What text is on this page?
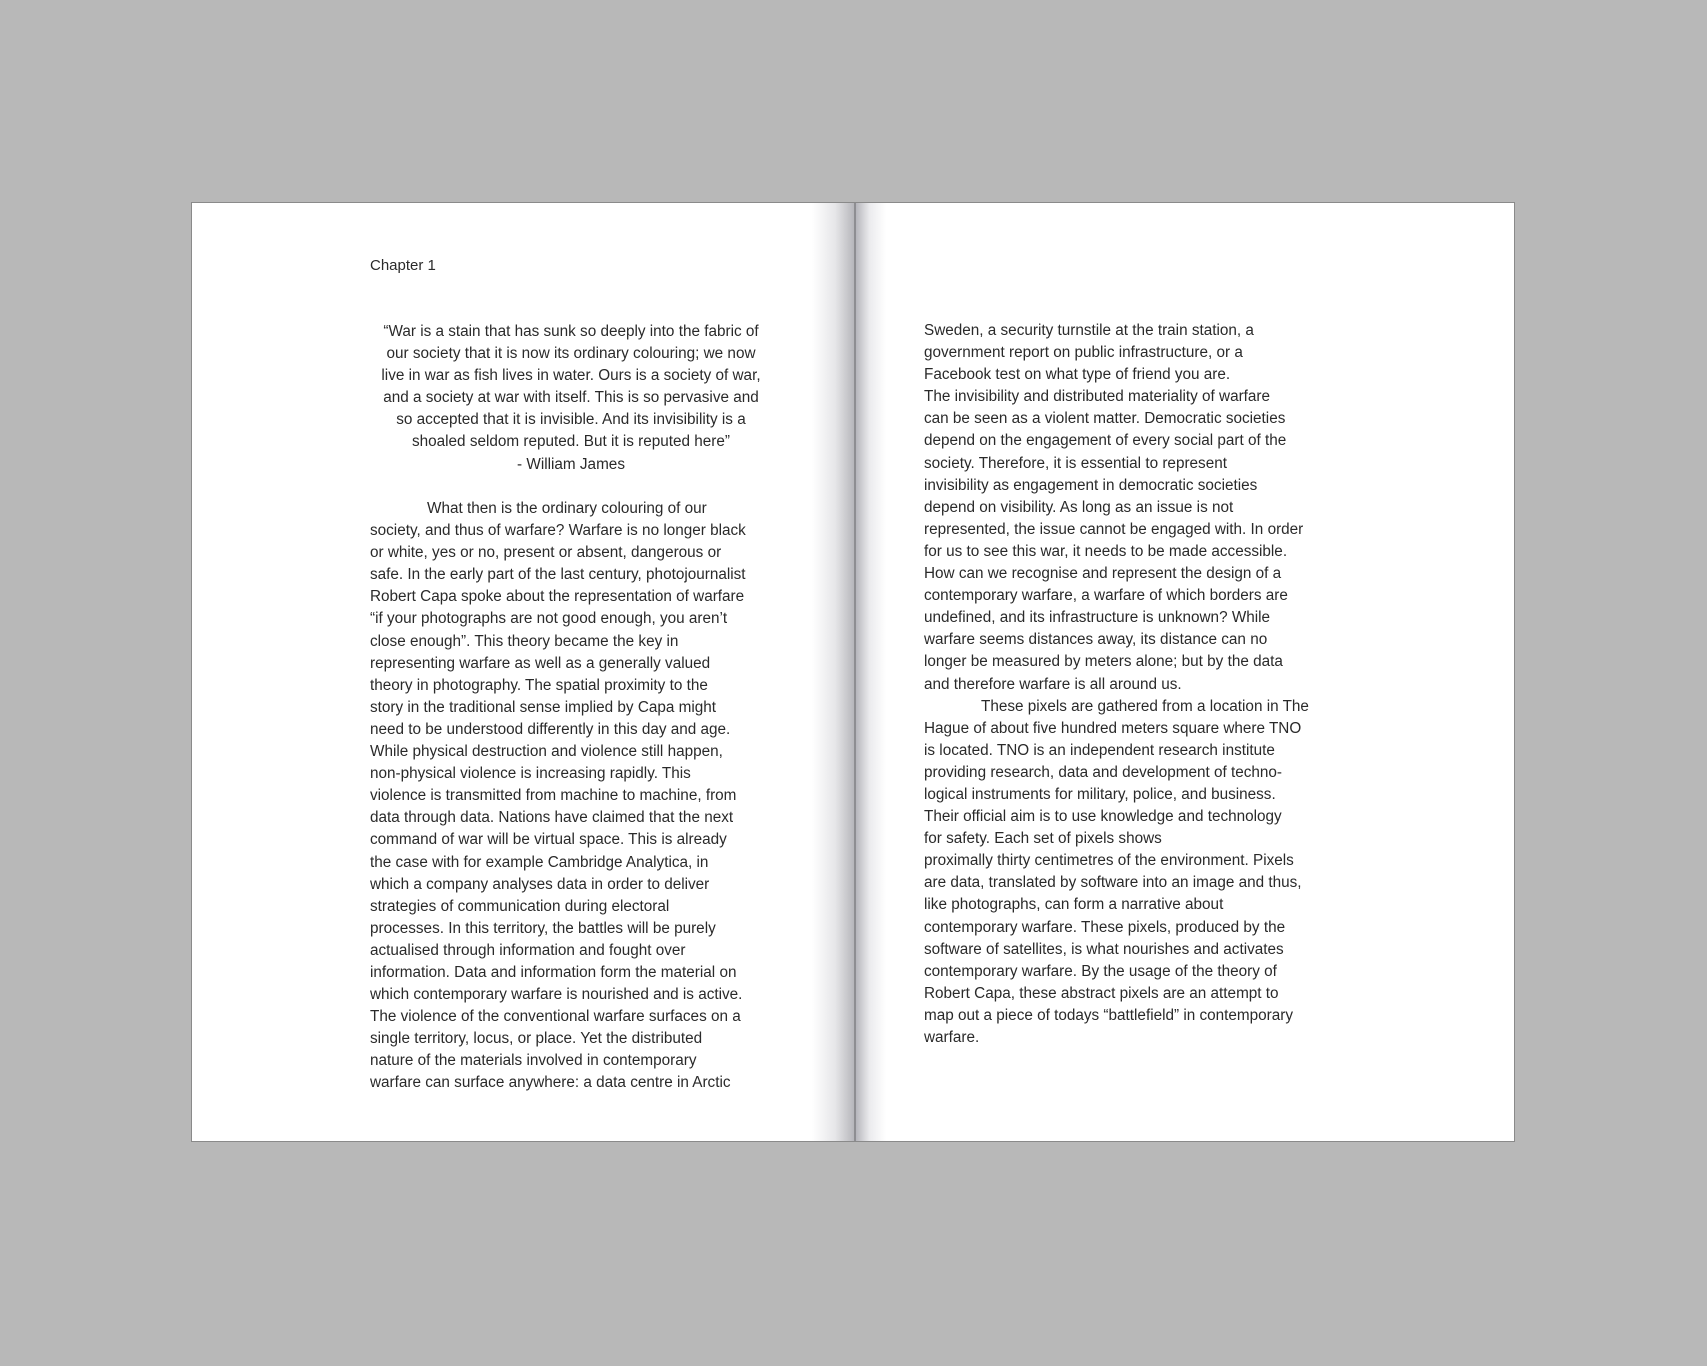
Chapter 1
“War is a stain that has sunk so deeply into the fabric of
our society that it is now its ordinary colouring; we now
live in war as fish lives in water. Ours is a society of war,
and a society at war with itself. This is so pervasive and
so accepted that it is invisible. And its invisibility is a
shoaled seldom reputed. But it is reputed here”
- William James
What then is the ordinary colouring of our
society, and thus of warfare? Warfare is no longer black
or white, yes or no, present or absent, dangerous or
safe. In the early part of the last century, photojournalist
Robert Capa spoke about the representation of warfare
“if your photographs are not good enough, you aren’t
close enough”. This theory became the key in
representing warfare as well as a generally valued
theory in photography. The spatial proximity to the
story in the traditional sense implied by Capa might
need to be understood differently in this day and age.
While physical destruction and violence still happen,
non-physical violence is increasing rapidly. This
violence is transmitted from machine to machine, from
data through data. Nations have claimed that the next
command of war will be virtual space. This is already
the case with for example Cambridge Analytica, in
which a company analyses data in order to deliver
strategies of communication during electoral
processes. In this territory, the battles will be purely
actualised through information and fought over
information. Data and information form the material on
which contemporary warfare is nourished and is active.
The violence of the conventional warfare surfaces on a
single territory, locus, or place. Yet the distributed
nature of the materials involved in contemporary
warfare can surface anywhere: a data centre in Arctic
Sweden, a security turnstile at the train station, a
government report on public infrastructure, or a
Facebook test on what type of friend you are.
The invisibility and distributed materiality of warfare
can be seen as a violent matter. Democratic societies
depend on the engagement of every social part of the
society. Therefore, it is essential to represent
invisibility as engagement in democratic societies
depend on visibility. As long as an issue is not
represented, the issue cannot be engaged with. In order
for us to see this war, it needs to be made accessible.
How can we recognise and represent the design of a
contemporary warfare, a warfare of which borders are
undefined, and its infrastructure is unknown? While
warfare seems distances away, its distance can no
longer be measured by meters alone; but by the data
and therefore warfare is all around us.
These pixels are gathered from a location in The
Hague of about five hundred meters square where TNO
is located. TNO is an independent research institute
providing research, data and development of techno-
logical instruments for military, police, and business.
Their official aim is to use knowledge and technology
for safety. Each set of pixels shows
proximally thirty centimetres of the environment. Pixels
are data, translated by software into an image and thus,
like photographs, can form a narrative about
contemporary warfare. These pixels, produced by the
software of satellites, is what nourishes and activates
contemporary warfare. By the usage of the theory of
Robert Capa, these abstract pixels are an attempt to
map out a piece of todays “battlefield” in contemporary
warfare.
